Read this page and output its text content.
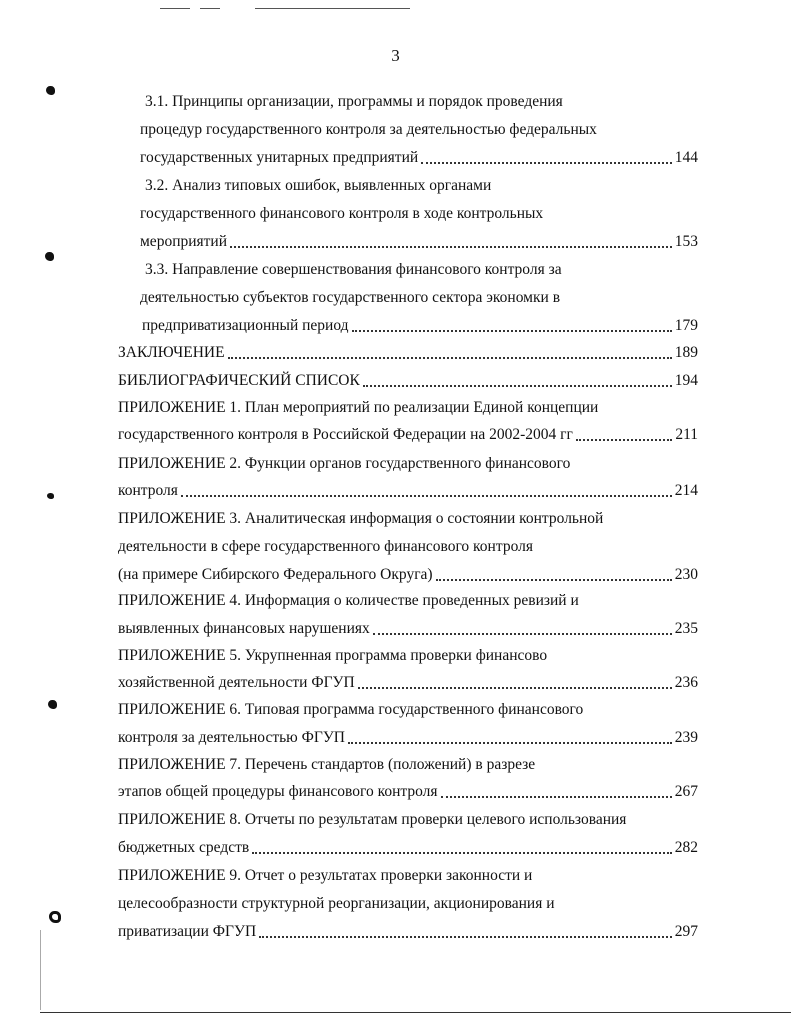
3
3.1. Принципы организации, программы и порядок проведения
процедур государственного контроля за деятельностью федеральных
государственных унитарных предприятий	144
3.2. Анализ типовых ошибок, выявленных органами
государственного финансового контроля в ходе контрольных
мероприятий	153
3.3. Направление совершенствования финансового контроля за
деятельностью субъектов государственного сектора экономки в
предприватизационный период	179
ЗАКЛЮЧЕНИЕ	189
БИБЛИОГРАФИЧЕСКИЙ СПИСОК	194
ПРИЛОЖЕНИЕ 1. План мероприятий по реализации Единой концепции
государственного контроля в Российской Федерации на 2002-2004 гг	211
ПРИЛОЖЕНИЕ 2. Функции органов государственного финансового
контроля	214
ПРИЛОЖЕНИЕ 3. Аналитическая информация о состоянии контрольной
деятельности в сфере государственного финансового контроля
(на примере Сибирского Федерального Округа)	230
ПРИЛОЖЕНИЕ 4. Информация о количестве проведенных ревизий и
выявленных финансовых нарушениях	235
ПРИЛОЖЕНИЕ 5. Укрупненная программа проверки финансово
хозяйственной деятельности ФГУП	236
ПРИЛОЖЕНИЕ 6. Типовая программа государственного финансового
контроля за деятельностью ФГУП	239
ПРИЛОЖЕНИЕ 7. Перечень стандартов (положений) в разрезе
этапов общей процедуры финансового контроля	267
ПРИЛОЖЕНИЕ 8. Отчеты по результатам проверки целевого использования
бюджетных средств	282
ПРИЛОЖЕНИЕ 9. Отчет о результатах проверки законности и
целесообразности структурной реорганизации, акционирования и
приватизации ФГУП	297
